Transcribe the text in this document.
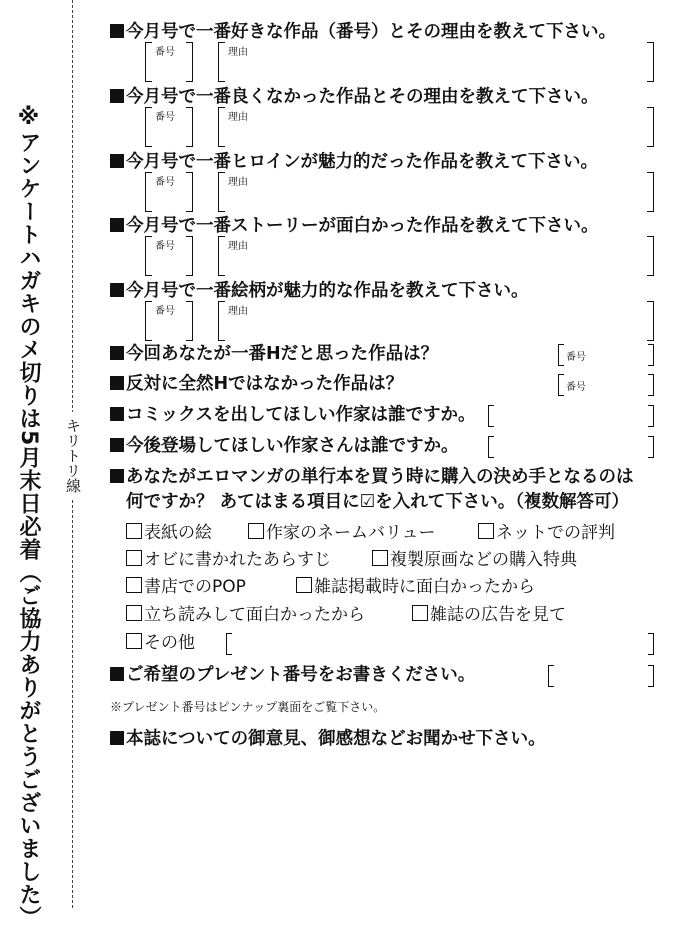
※アンケートハガキのメ切りは5月末日必着（ご協力ありがとうございました）	キリトリ線
今月号で一番好きな作品（番号）とその理由を教えて下さい。
番号	理由
今月号で一番良くなかった作品とその理由を教えて下さい。
番号	理由
今月号で一番ヒロインが魅力的だった作品を教えて下さい。
番号	理由
今月号で一番ストーリーが面白かった作品を教えて下さい。
番号	理由
今月号で一番絵柄が魅力的な作品を教えて下さい。
番号	理由
今回あなたが一番Hだと思った作品は？	番号
反対に全然Hではなかった作品は？	番号
コミックスを出してほしい作家は誰ですか。
今後登場してほしい作家さんは誰ですか。
あなたがエロマンガの単行本を買う時に購入の決め手となるのは
何ですか？ あてはまる項目に☑を入れて下さい。（複数解答可）
表紙の絵	作家のネームバリュー	ネットでの評判
オビに書かれたあらすじ	複製原画などの購入特典
書店でのPOP	雑誌掲載時に面白かったから
立ち読みして面白かったから	雑誌の広告を見て
その他
ご希望のプレゼント番号をお書きください。
※プレゼント番号はピンナップ裏面をご覧下さい。
本誌についての御意見、御感想などお聞かせ下さい。
